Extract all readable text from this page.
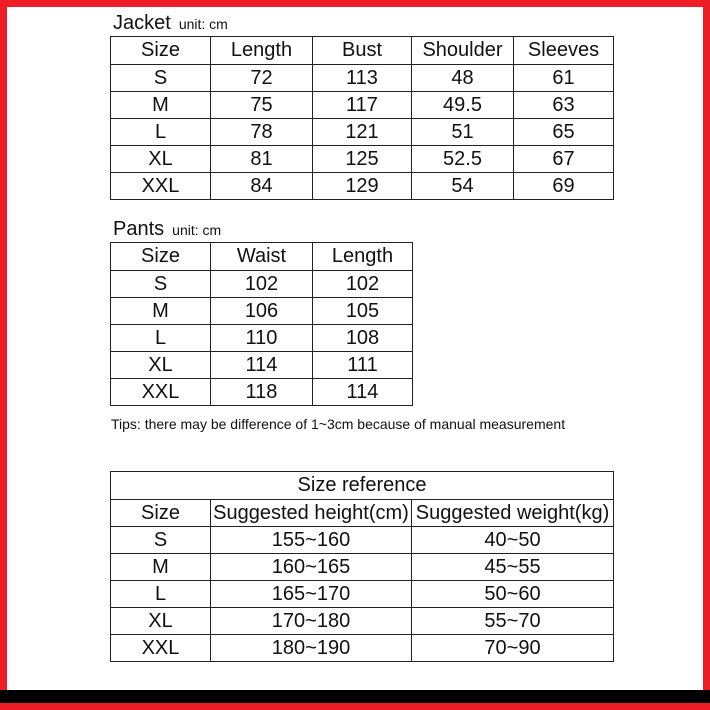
Jacket unit: cm
Size	Length	Bust	Shoulder	Sleeves
S	72	113	48	61
M	75	117	49.5	63
L	78	121	51	65
XL	81	125	52.5	67
XXL	84	129	54	69
Pants unit: cm
Size	Waist	Length
S	102	102
M	106	105
L	110	108
XL	114	111
XXL	118	114
Tips: there may be difference of 1~3cm because of manual measurement
Size reference		
Size	Suggested height(cm)	Suggested weight(kg)
S	155~160	40~50
M	160~165	45~55
L	165~170	50~60
XL	170~180	55~70
XXL	180~190	70~90
